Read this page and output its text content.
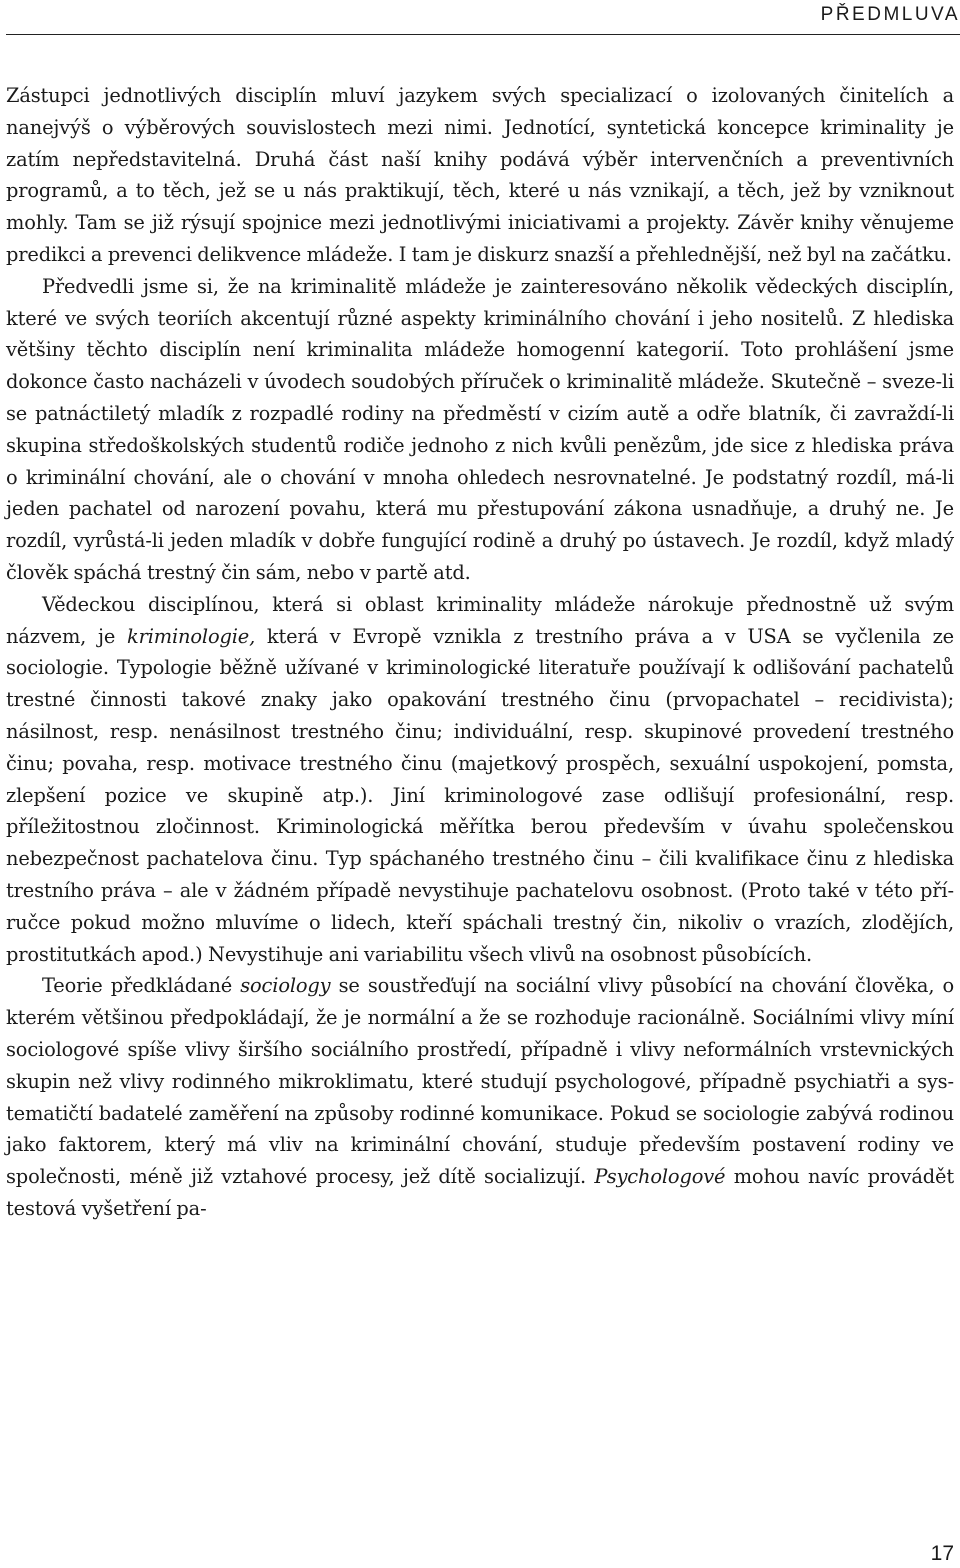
PŘEDMLUVA

Zástupci jednotlivých disciplín mluví jazykem svých specializací o izolovaných činitelích a nanejvýš o výběrových souvislostech mezi nimi. Jednotící, syntetická koncepce kriminality je zatím nepředstavitelná. Druhá část naší knihy podává výběr intervenčních a preventivních programů, a to těch, jež se u nás praktikují, těch, které u nás vznikají, a těch, jež by vzniknout mohly. Tam se již rýsují spojnice mezi jednotlivými iniciativami a projekty. Závěr knihy věnujeme predikci a prevenci delikvence mládeže. I tam je diskurz snazší a přehlednější, než byl na začátku.

Předvedli jsme si, že na kriminalitě mládeže je zainteresováno několik vědeckých disciplín, které ve svých teoriích akcentují různé aspekty kriminálního chování i jeho nositelů. Z hlediska většiny těchto disciplín není kriminalita mládeže homogenní kategorií. Toto prohlášení jsme dokonce často nacházeli v úvodech soudobých příruček o kriminalitě mládeže. Skutečně – sveze-li se patnáctiletý mladík z rozpadlé rodiny na předměstí v cizím autě a odře blatník, či zavraždí-li skupina středoškolských studentů rodiče jednoho z nich kvůli penězům, jde sice z hlediska práva o kriminální chování, ale o chování v mnoha ohledech nesrovnatelné. Je podstatný rozdíl, má-li jeden pachatel od narození povahu, která mu přestupování zákona usnadňuje, a druhý ne. Je rozdíl, vyrůstá-li jeden mladík v dobře fungující rodině a druhý po ústavech. Je rozdíl, když mladý člověk spáchá trestný čin sám, nebo v partě atd.

Vědeckou disciplínou, která si oblast kriminality mládeže nárokuje přednostně už svým názvem, je kriminologie, která v Evropě vznikla z trestního práva a v USA se vyčlenila ze sociologie. Typologie běžně užívané v kriminologické literatuře používají k odlišování pachatelů trestné činnosti takové znaky jako opakování trestného činu (prvopachatel – recidivista); násilnost, resp. nenásilnost trestného činu; individuální, resp. skupinové provedení trestného činu; povaha, resp. motivace trestného činu (majetkový prospěch, sexuální uspokojení, pomsta, zlepšení pozice ve skupině atp.). Jiní kriminologové zase odlišují profesionální, resp. příležitostnou zločinnost. Kriminologická měřítka berou především v úvahu společenskou nebezpečnost pachatelova činu. Typ spáchaného trestného činu – čili kvalifikace činu z hlediska trestního práva – ale v žádném případě nevystihuje pachatelovu osobnost. (Proto také v této příručce pokud možno mluvíme o lidech, kteří spáchali trestný čin, nikoliv o vrazích, zlodějích, prostitutkách apod.) Nevystihuje ani variabilitu všech vlivů na osobnost působících.

Teorie předkládané sociology se soustřeďují na sociální vlivy působící na chování člověka, o kterém většinou předpokládají, že je normální a že se rozhoduje racionálně. Sociálními vlivy míní sociologové spíše vlivy širšího sociálního prostředí, případně i vlivy neformálních vrstevnických skupin než vlivy rodinného mikroklimatu, které studují psychologové, případně psychiatři a systematičtí badatelé zaměření na způsoby rodinné komunikace. Pokud se sociologie zabývá rodinou jako faktorem, který má vliv na kriminální chování, studuje především postavení rodiny ve společnosti, méně již vztahové procesy, jež dítě socializují. Psychologové mohou navíc provádět testová vyšetření pa-

17
